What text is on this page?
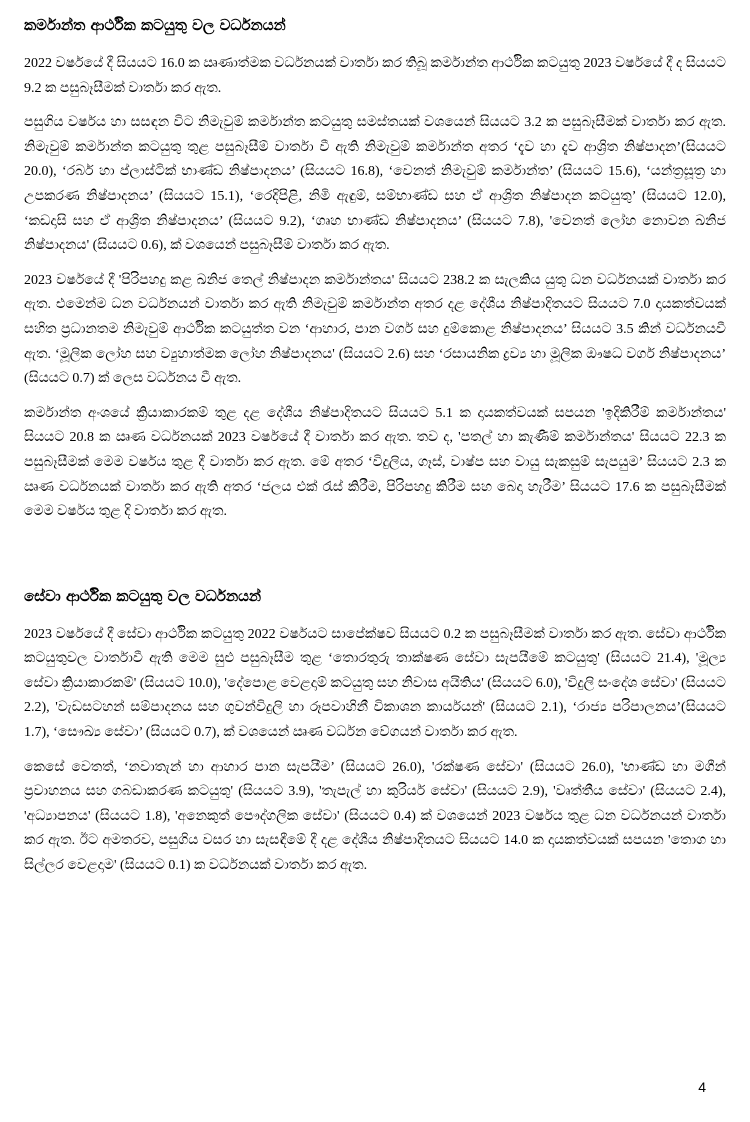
කර්මාන්ත ආර්ථික කටයුතු වල වර්ධනයන්

2022 වර්ෂයේ දී සියයට 16.0 ක ඍණාත්මක වර්ධනයක් වාර්තා කර තිබූ කර්මාන්ත ආර්ථික කටයුතු 2023 වර්ෂයේ දී ද සියයට 9.2 ක පසුබෑසීමක් වාර්තා කර ඇත.

පසුගිය වර්ෂය හා සසඳන විට නිමැවුම් කර්මාන්ත කටයුතු සමස්තයක් වශයෙන් සියයට 3.2 ක පසුබෑසීමක් වාර්තා කර ඇත. නිමැවුම් කර්මාන්ත කටයුතු තුළ පසුබෑසීම් වාර්තා වී ඇති නිමැවුම් කර්මාන්ත අතර ‘දැව හා දැව ආශ්‍රිත නිෂ්පාදන’(සියයට 20.0), ‘රබර් හා ප්ලාස්ටික් භාණ්ඩ නිෂ්පාදනය’ (සියයට 16.8), ‘වෙනත් නිමැවුම් කර්මාන්ත’ (සියයට 15.6), ‘යන්ත්‍රසූත්‍ර හා උපකරණ නිෂ්පාදනය’ (සියයට 15.1), ‘රෙදිපිළි, නිමි ඇඳුම්, සම්භාණ්ඩ සහ ඒ ආශ්‍රිත නිෂ්පාදන කටයුතු’ (සියයට 12.0), ‘කඩදාසි සහ ඒ ආශ්‍රිත නිෂ්පාදනය’ (සියයට 9.2), ‘ගෘහ භාණ්ඩ නිෂ්පාදනය’ (සියයට 7.8), 'වෙනත් ලෝහ නොවන ඛනිජ නිෂ්පාදනය' (සියයට 0.6), ක් වශයෙන් පසුබෑසීම් වාර්තා කර ඇත.

2023 වර්ෂයේ දී 'පිරිපහදු කළ ඛනිජ තෙල් නිෂ්පාදන කර්මාන්තය' සියයට 238.2 ක සැලකිය යුතු ධන වර්ධනයක් වාර්තා කර ඇත. එමෙන්ම ධන වර්ධනයන් වාර්තා කර ඇති නිමැවුම් කර්මාන්ත අතර දළ දේශීය නිෂ්පාදිතයට සියයට 7.0 දායකත්වයක් සහිත ප්‍රධානතම නිමැවුම් ආර්ථික කටයුත්ත වන ‘ආහාර, පාන වර්ග සහ දුම්කොළ නිෂ්පාදනය’ සියයට 3.5 කින් වර්ධනයවී ඇත. ‘මූලික ලෝහ සහ ව්‍යුහාත්මක ලෝහ නිෂ්පාදනය' (සියයට 2.6) සහ ‘රසායනික ද්‍රව්‍ය හා මූලික ඖෂධ වර්ග නිෂ්පාදනය’ (සියයට 0.7) ක් ලෙස වර්ධනය වී ඇත.

කර්මාන්ත අංශයේ ක්‍රියාකාරකම් තුළ දළ දේශීය නිෂ්පාදිතයට සියයට 5.1 ක දායකත්වයක් සපයන 'ඉදිකිරීම් කර්මාන්තය' සියයට 20.8 ක ඍණ වර්ධනයක් 2023 වර්ෂයේ දී වාර්තා කර ඇත. තව ද, 'පතල් හා කැණීම් කර්මාන්තය' සියයට 22.3 ක පසුබෑසීමක් මෙම වර්ෂය තුළ දී වාර්තා කර ඇත. මේ අතර ‘විදුලිය, ගෑස්, වාෂ්ප සහ වායු සැකසුම් සැපයුම’ සියයට 2.3 ක ඍණ වර්ධනයක් වාර්තා කර ඇති අතර ‘ජලය එක් රැස් කිරීම, පිරිපහදු කිරීම සහ බෙදා හැරීම’ සියයට 17.6 ක පසුබෑසීමක් මෙම වර්ෂය තුළ දි වාර්තා කර ඇත.

සේවා ආර්ථික කටයුතු වල වර්ධනයන්

2023 වර්ෂයේ දී සේවා ආර්ථික කටයුතු 2022 වර්ෂයට සාපේක්ෂව සියයට 0.2 ක පසුබෑසීමක් වාර්තා කර ඇත. සේවා ආර්ථික කටයුතුවල වාර්තාවී ඇති මෙම සුළු පසුබෑසීම තුළ ‘තොරතුරු තාක්ෂණ සේවා සැපයීමේ කටයුතු' (සියයට 21.4), 'මූල්‍ය සේවා ක්‍රියාකාරකම්' (සියයට 10.0), 'දේපොළ වෙළදාම් කටයුතු සහ නිවාස අයිතිය' (සියයට 6.0), 'විදුලි සංදේශ සේවා' (සියයට 2.2), 'වැඩසටහන් සම්පාදනය සහ ගුවන්විදුලි හා රූපවාහිනී විකාශන කාර්යයන්' (සියයට 2.1), ‘රාජ්‍ය පරිපාලනය’(සියයට 1.7), ‘සෞඛ්‍ය සේවා’ (සියයට 0.7), ක් වශයෙන් ඍණ වර්ධන වේගයන් වාර්තා කර ඇත.

කෙසේ වෙතත්, ‘නවාතැන් හා ආහාර පාන සැපයීම’ (සියයට 26.0), 'රක්ෂණ සේවා' (සියයට 26.0), 'භාණ්ඩ හා මගීන් ප්‍රවාහනය සහ ගබඩාකරණ කටයුතු' (සියයට 3.9), 'තැපැල් හා කුරියර් සේවා' (සියයට 2.9), 'වෘත්තීය සේවා' (සියයට 2.4), 'අධ්‍යාපනය' (සියයට 1.8), 'අනෙකුත් පෞද්ගලික සේවා' (සියයට 0.4) ක් වශයෙන් 2023 වර්ෂය තුළ ධන වර්ධනයන් වාර්තා කර ඇත. ඊට අමතරව, පසුගිය වසර හා සැසඳීමේ දී දළ දේශීය නිෂ්පාදිතයට සියයට 14.0 ක දායකත්වයක් සපයන 'තොග හා සිල්ලර වෙළදාම' (සියයට 0.1) ක වර්ධනයක් වාර්තා කර ඇත.

4
